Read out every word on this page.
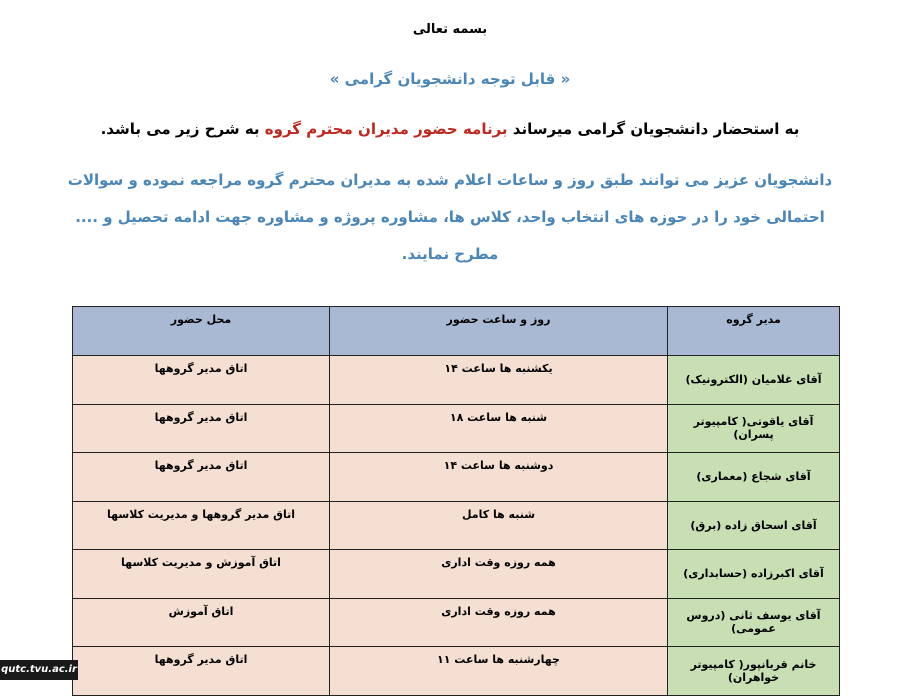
بسمه تعالی
« قابل توجه دانشجویان گرامی »
به استحضار دانشجویان گرامی میرساند برنامه حضور مدیران محترم گروه به شرح زیر می باشد.
دانشجویان عزیز می توانند طبق روز و ساعات اعلام شده به مدیران محترم گروه مراجعه نموده و سوالات احتمالی خود را در حوزه های انتخاب واحد، کلاس ها، مشاوره پروژه و مشاوره جهت ادامه تحصیل و .... مطرح نمایند.
مدیر گروه	روز و ساعت حضور	محل حضور
آقای غلامیان (الکترونیک)	یکشنبه ها ساعت ۱۴	اتاق مدیر گروهها
آقای یاقوتی( کامپیوتر پسران)	شنبه ها ساعت ۱۸	اتاق مدیر گروهها
آقای شجاع (معماری)	دوشنبه ها ساعت ۱۴	اتاق مدیر گروهها
آقای اسحاق زاده (برق)	شنبه ها کامل	اتاق مدیر گروهها و مدیریت کلاسها
آقای اکبرزاده (حسابداری)	همه روزه وقت اداری	اتاق آموزش و مدیریت کلاسها
آقای یوسف ثانی (دروس عمومی)	همه روزه وقت اداری	اتاق آموزش
خانم قربانپور( کامپیوتر خواهران)	چهارشنبه ها ساعت ۱۱	اتاق مدیر گروهها
qutc.tvu.ac.ir
